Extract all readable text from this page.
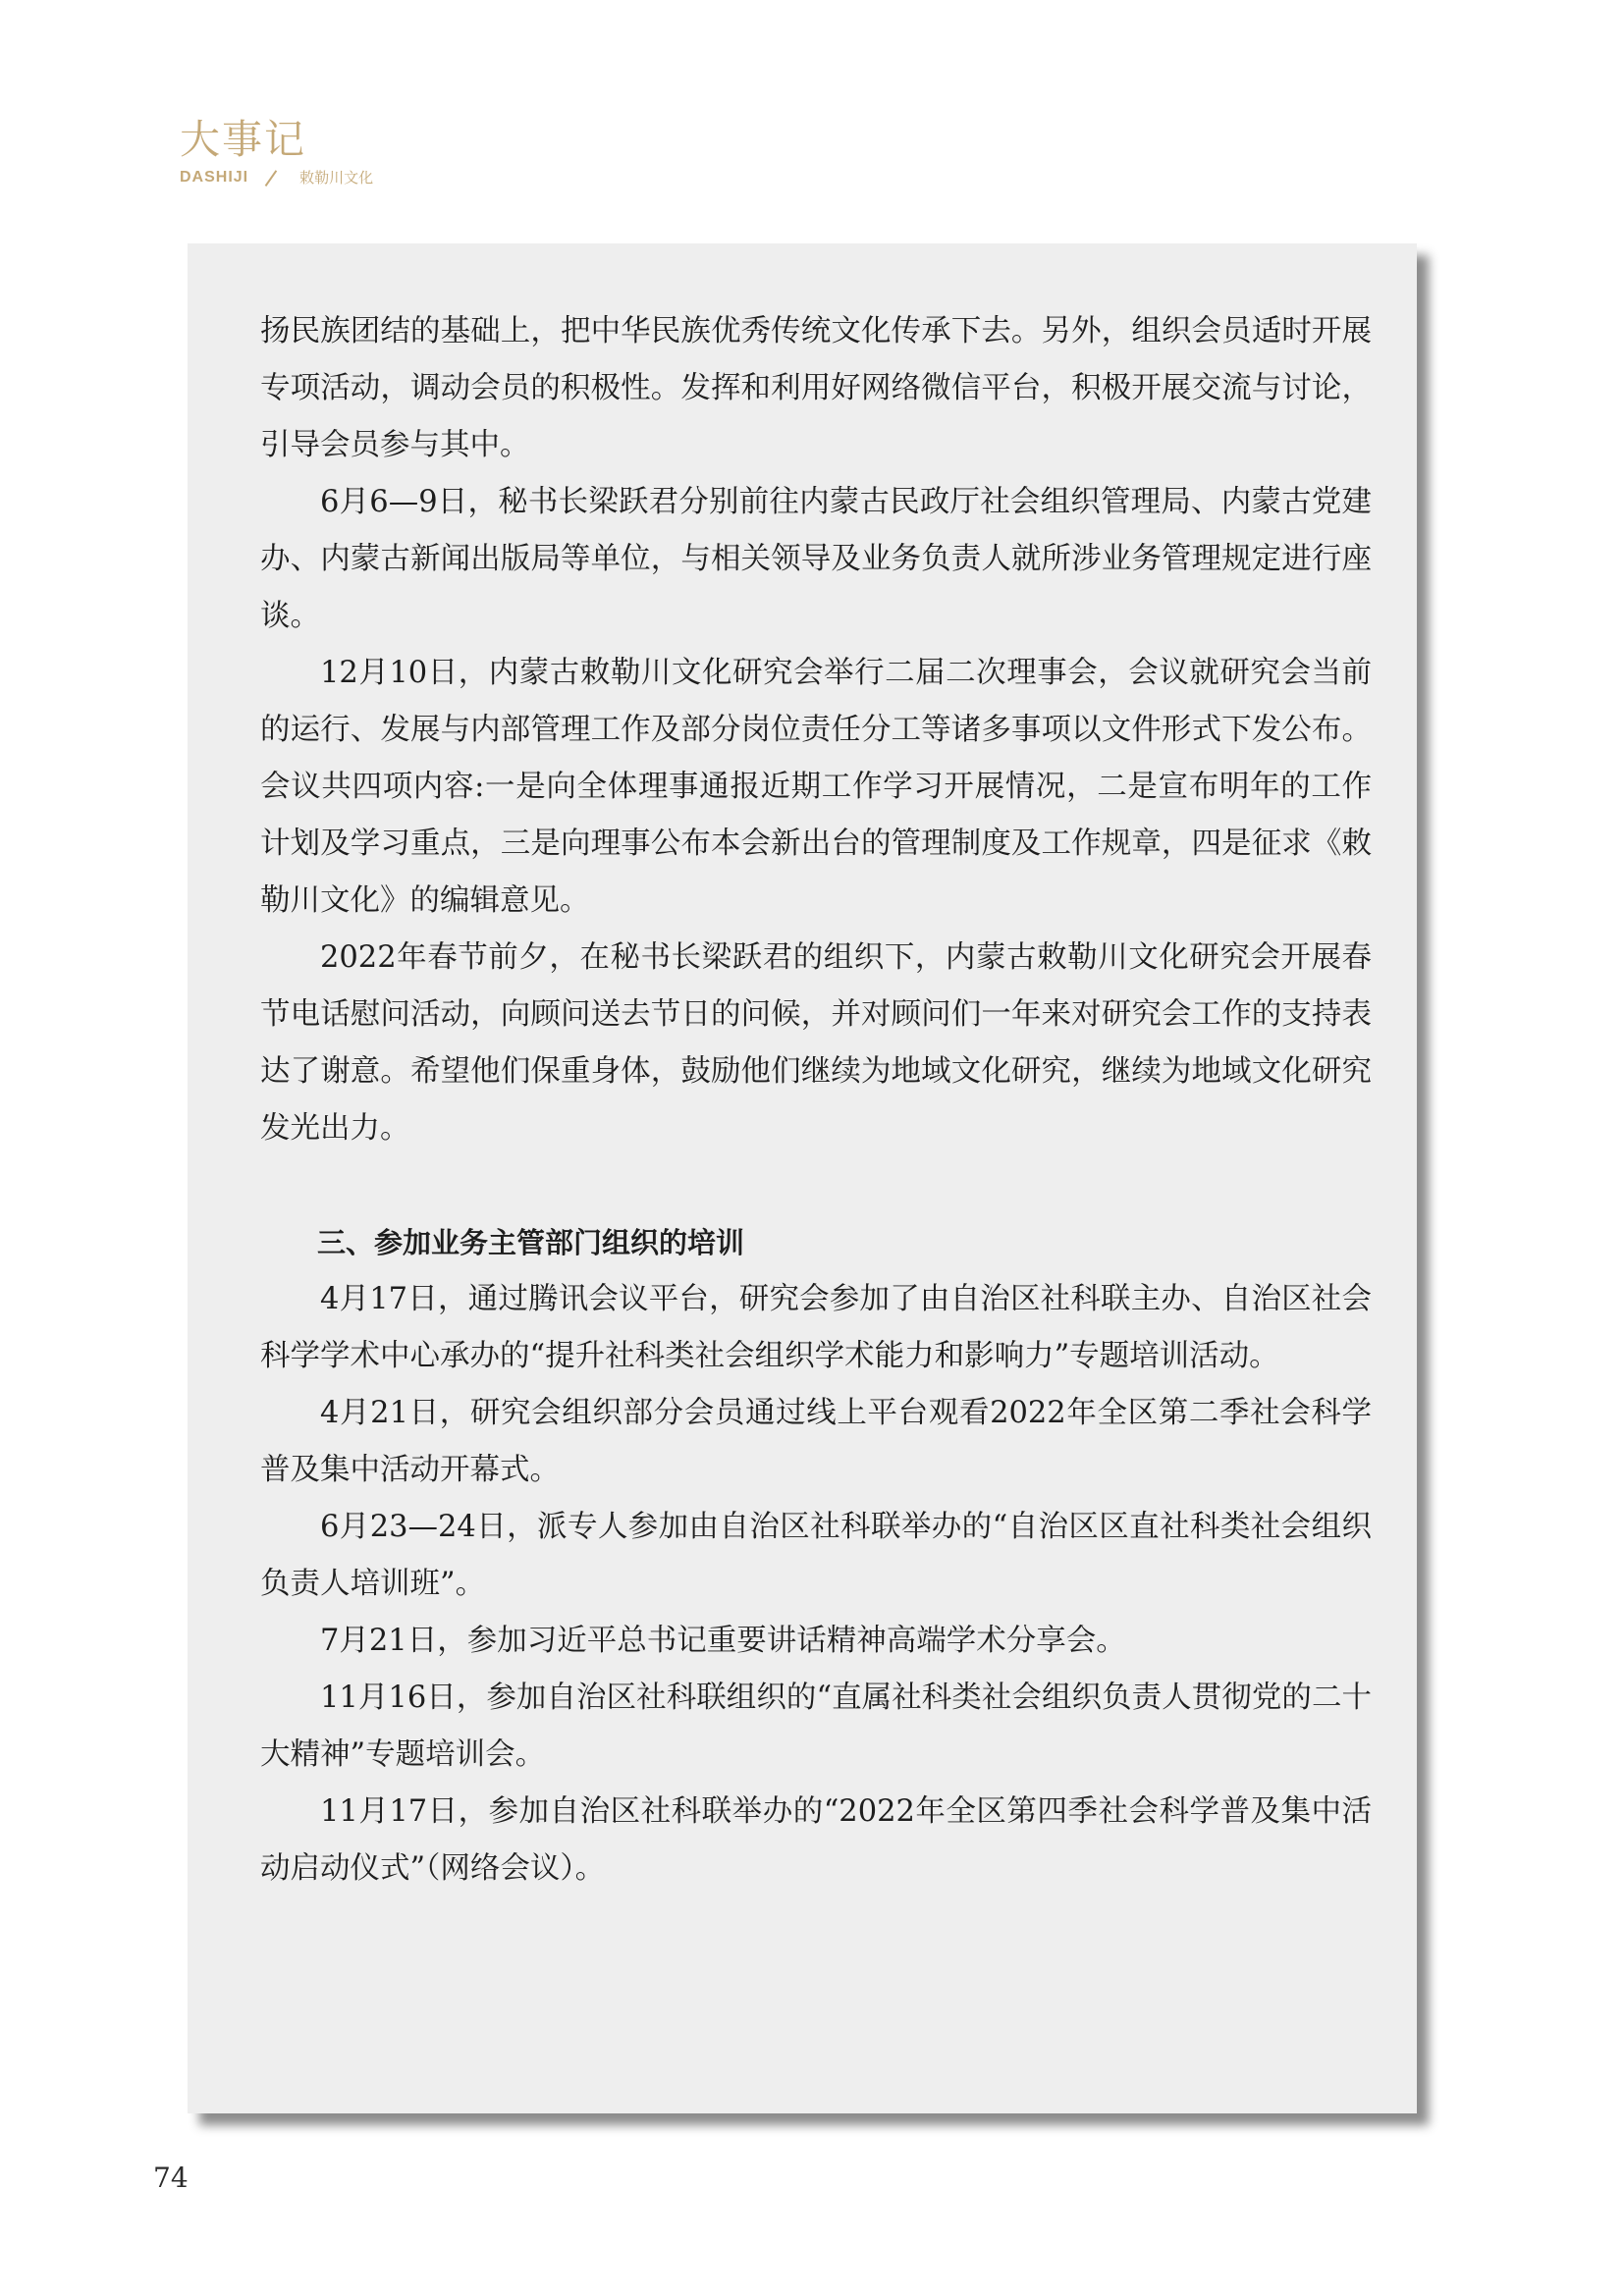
大事记
DASHIJI	敕勒川文化

扬民族团结的基础上，把中华民族优秀传统文化传承下去。另外，组织会员适时开展专项活动，调动会员的积极性。发挥和利用好网络微信平台，积极开展交流与讨论，引导会员参与其中。

6月6—9日，秘书长梁跃君分别前往内蒙古民政厅社会组织管理局、内蒙古党建办、内蒙古新闻出版局等单位，与相关领导及业务负责人就所涉业务管理规定进行座谈。

12月10日，内蒙古敕勒川文化研究会举行二届二次理事会，会议就研究会当前的运行、发展与内部管理工作及部分岗位责任分工等诸多事项以文件形式下发公布。会议共四项内容:一是向全体理事通报近期工作学习开展情况，二是宣布明年的工作计划及学习重点，三是向理事公布本会新出台的管理制度及工作规章，四是征求《敕勒川文化》的编辑意见。

2022年春节前夕，在秘书长梁跃君的组织下，内蒙古敕勒川文化研究会开展春节电话慰问活动，向顾问送去节日的问候，并对顾问们一年来对研究会工作的支持表达了谢意。希望他们保重身体，鼓励他们继续为地域文化研究，继续为地域文化研究发光出力。

三、参加业务主管部门组织的培训

4月17日，通过腾讯会议平台，研究会参加了由自治区社科联主办、自治区社会科学学术中心承办的“提升社科类社会组织学术能力和影响力”专题培训活动。

4月21日，研究会组织部分会员通过线上平台观看2022年全区第二季社会科学普及集中活动开幕式。

6月23—24日，派专人参加由自治区社科联举办的“自治区区直社科类社会组织负责人培训班”。

7月21日，参加习近平总书记重要讲话精神高端学术分享会。

11月16日，参加自治区社科联组织的“直属社科类社会组织负责人贯彻党的二十大精神”专题培训会。

11月17日，参加自治区社科联举办的“2022年全区第四季社会科学普及集中活动启动仪式”（网络会议）。

74
